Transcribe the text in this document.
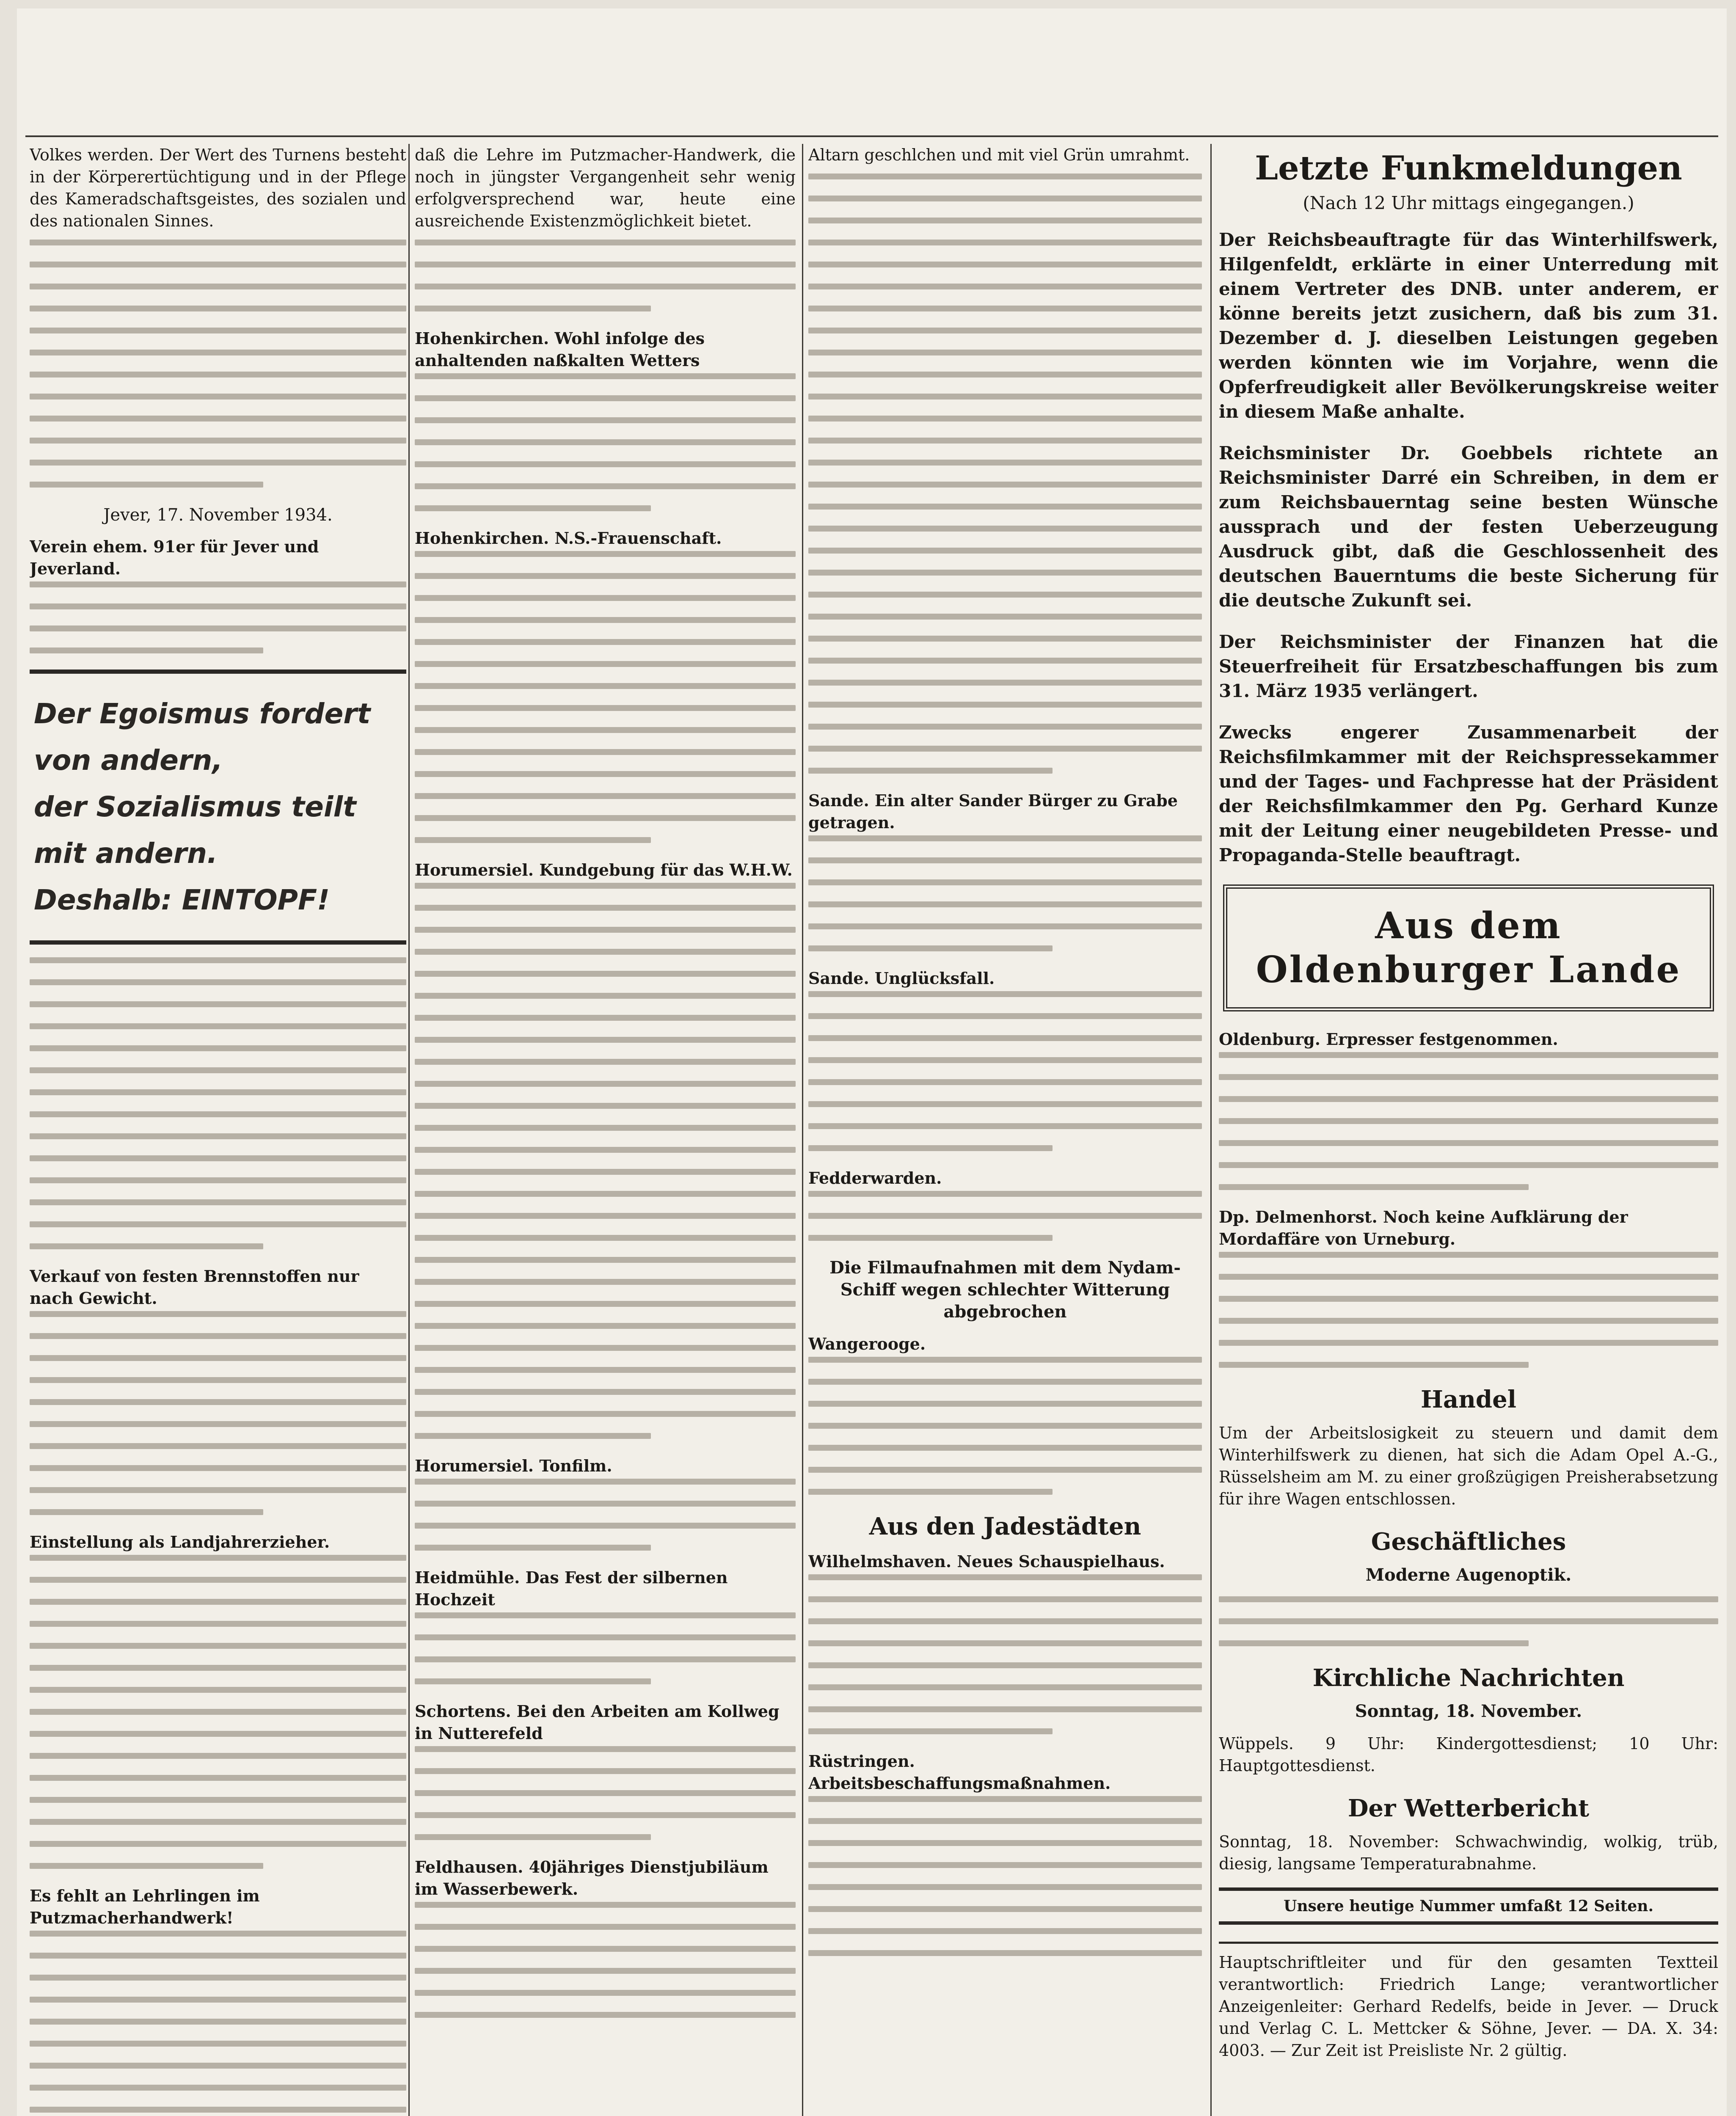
Volkes werden. Der Wert des Turnens besteht in der Körperertüchtigung und in der Pflege des Kameradschaftsgeistes, des sozialen und des nationalen Sinnes.

Jever, 17. November 1934.
Verein ehem. 91er für Jever und Jeverland.
Der Egoismus fordert von andern,
der Sozialismus teilt mit andern.
Deshalb: EINTOPF!
Verkauf von festen Brennstoffen nur nach Gewicht.
Einstellung als Landjahrerzieher.
Es fehlt an Lehrlingen im Putzmacherhandwerk!

daß die Lehre im Putzmacher-Handwerk, die noch in jüngster Vergangenheit sehr wenig erfolgversprechend war, heute eine ausreichende Existenzmöglichkeit bietet.

Hohenkirchen. Wohl infolge des anhaltenden naßkalten Wetters
Hohenkirchen. N.S.-Frauenschaft.
Horumersiel. Kundgebung für das W.H.W.
Horumersiel. Tonfilm.
Heidmühle. Das Fest der silbernen Hochzeit
Schortens. Bei den Arbeiten am Kollweg in Nutterefeld
Feldhausen. 40jähriges Dienstjubiläum im Wasserbewerk.

Altarn geschlchen und mit viel Grün umrahmt.

Sande. Ein alter Sander Bürger zu Grabe getragen.
Sande. Unglücksfall.
Fedderwarden.
Die Filmaufnahmen mit dem Nydam-Schiff wegen schlechter Witterung abgebrochen
Wangerooge.
Aus den Jadestädten
Wilhelmshaven. Neues Schauspielhaus.
Rüstringen. Arbeitsbeschaffungsmaßnahmen.
Letzte Funkmeldungen
(Nach 12 Uhr mittags eingegangen.)

Der Reichsbeauftragte für das Winterhilfswerk, Hilgenfeldt, erklärte in einer Unterredung mit einem Vertreter des DNB. unter anderem, er könne bereits jetzt zusichern, daß bis zum 31. Dezember d. J. dieselben Leistungen gegeben werden könnten wie im Vorjahre, wenn die Opferfreudigkeit aller Bevölkerungskreise weiter in diesem Maße anhalte.

Reichsminister Dr. Goebbels richtete an Reichsminister Darré ein Schreiben, in dem er zum Reichsbauerntag seine besten Wünsche aussprach und der festen Ueberzeugung Ausdruck gibt, daß die Geschlossenheit des deutschen Bauerntums die beste Sicherung für die deutsche Zukunft sei.

Der Reichsminister der Finanzen hat die Steuerfreiheit für Ersatzbeschaffungen bis zum 31. März 1935 verlängert.

Zwecks engerer Zusammenarbeit der Reichsfilmkammer mit der Reichspressekammer und der Tages- und Fachpresse hat der Präsident der Reichsfilmkammer den Pg. Gerhard Kunze mit der Leitung einer neugebildeten Presse- und Propaganda-Stelle beauftragt.

Aus dem Oldenburger Lande
Oldenburg. Erpresser festgenommen.
Dp. Delmenhorst. Noch keine Aufklärung der Mordaffäre von Urneburg.
Handel

Um der Arbeitslosigkeit zu steuern und damit dem Winterhilfswerk zu dienen, hat sich die Adam Opel A.-G., Rüsselsheim am M. zu einer großzügigen Preisherabsetzung für ihre Wagen entschlossen.

Geschäftliches
Moderne Augenoptik.
Kirchliche Nachrichten
Sonntag, 18. November.

Wüppels. 9 Uhr: Kindergottesdienst; 10 Uhr: Hauptgottesdienst.

Der Wetterbericht

Sonntag, 18. November: Schwachwindig, wolkig, trüb, diesig, langsame Temperaturabnahme.

Unsere heutige Nummer umfaßt 12 Seiten.

Hauptschriftleiter und für den gesamten Textteil verantwortlich: Friedrich Lange; verantwortlicher Anzeigenleiter: Gerhard Redelfs, beide in Jever. — Druck und Verlag C. L. Mettcker & Söhne, Jever. — DA. X. 34: 4003. — Zur Zeit ist Preisliste Nr. 2 gültig.
